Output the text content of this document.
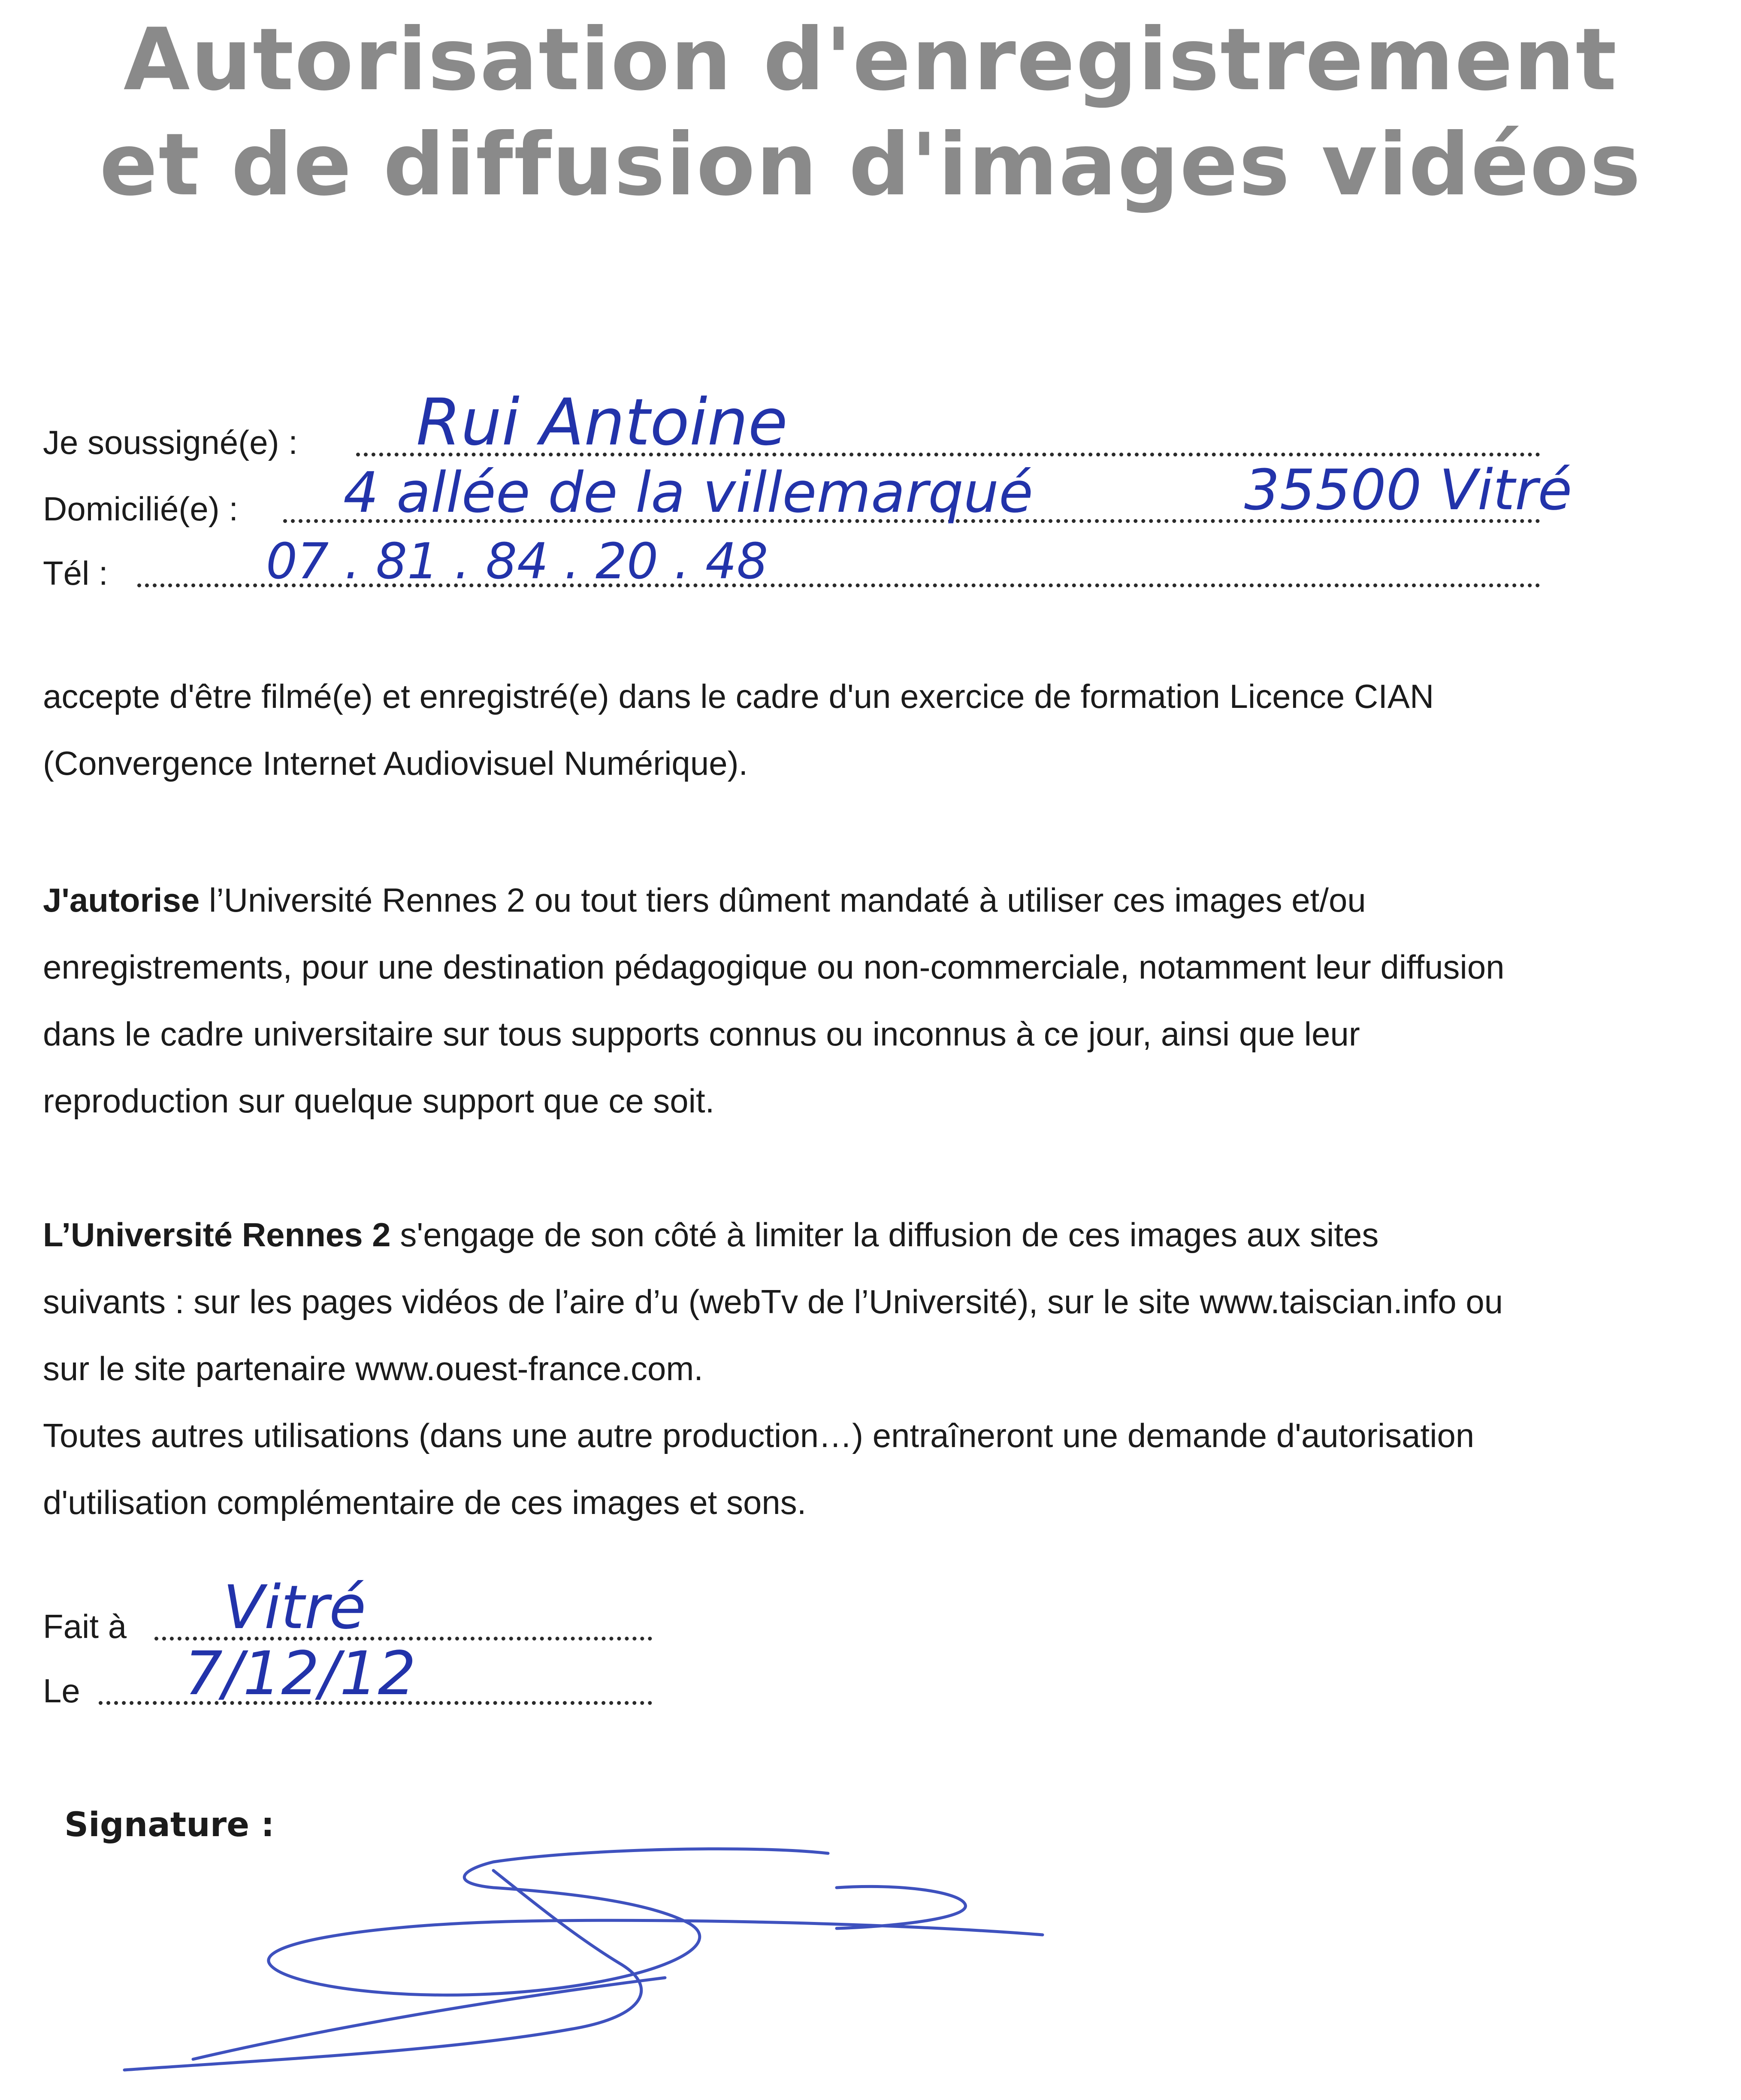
Autorisation d'enregistrement
et de diffusion d'images vidéos
Je soussigné(e) : Rui Antoine
Domicilié(e) : 4 allée de la villemarqué	35500 Vitré
Tél :	07 . 81 . 84 . 20 . 48
accepte d'être filmé(e) et enregistré(e) dans le cadre d'un exercice de formation Licence CIAN
(Convergence Internet Audiovisuel Numérique).
J'autorise l’Université Rennes 2 ou tout tiers dûment mandaté à utiliser ces images et/ou
enregistrements, pour une destination pédagogique ou non-commerciale, notamment leur diffusion
dans le cadre universitaire sur tous supports connus ou inconnus à ce jour, ainsi que leur
reproduction sur quelque support que ce soit.
L’Université Rennes 2 s'engage de son côté à limiter la diffusion de ces images aux sites
suivants : sur les pages vidéos de l’aire d’u (webTv de l’Université), sur le site www.taiscian.info ou
sur le site partenaire www.ouest-france.com.
Toutes autres utilisations (dans une autre production…) entraîneront une demande d'autorisation
d'utilisation complémentaire de ces images et sons.
Fait à Vitré
Le 7/12/12
Signature :
